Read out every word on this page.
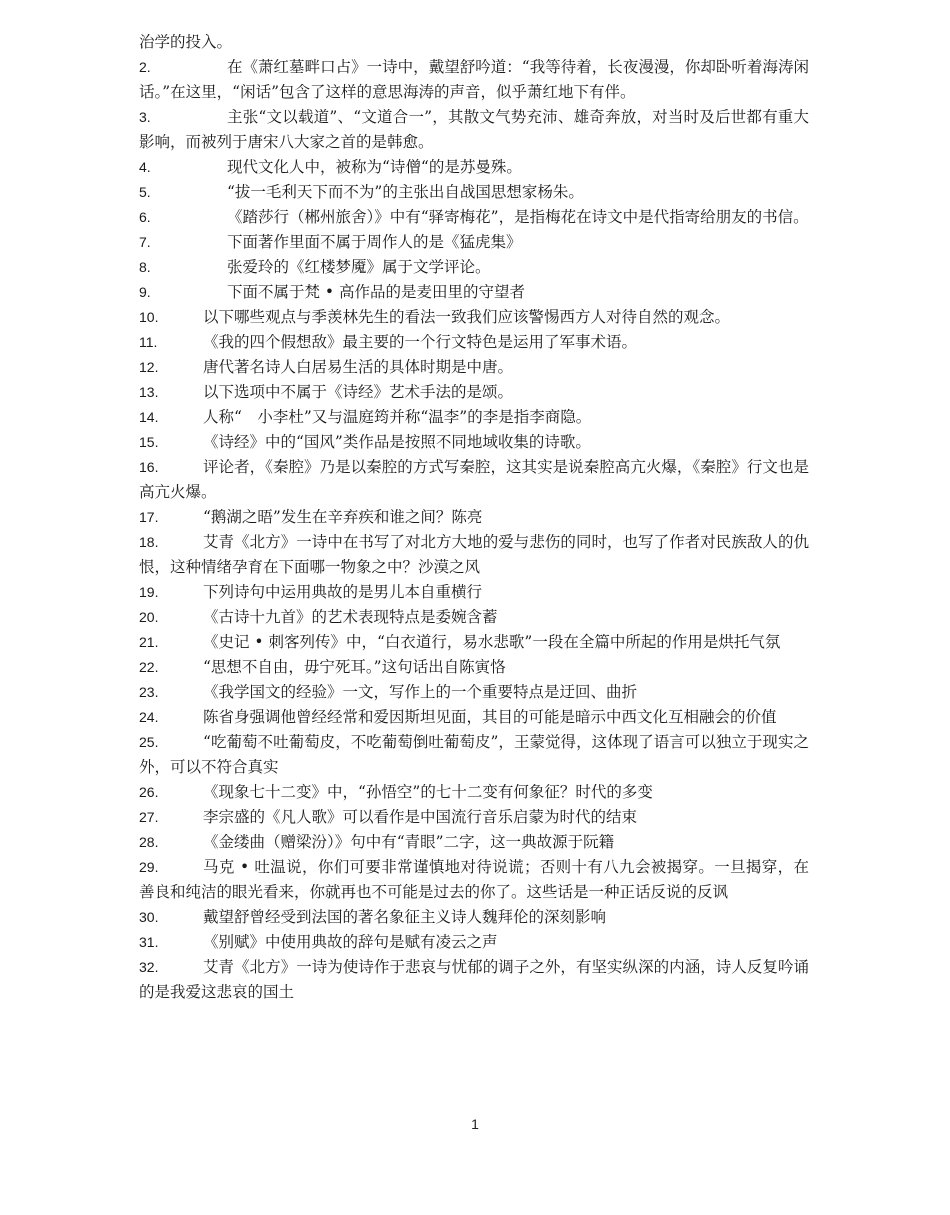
治学的投入。
2.	在《萧红墓畔口占》一诗中，戴望舒吟道：“我等待着，长夜漫漫，你却卧听着海涛闲话。”在这里，“闲话”包含了这样的意思海涛的声音，似乎萧红地下有伴。
3.	主张“文以载道”、“文道合一”，其散文气势充沛、雄奇奔放，对当时及后世都有重大影响，而被列于唐宋八大家之首的是韩愈。
4.	现代文化人中，被称为“诗僧“的是苏曼殊。
5.	“拔一毛利天下而不为”的主张出自战国思想家杨朱。
6.	《踏莎行（郴州旅舍）》中有“驿寄梅花”，是指梅花在诗文中是代指寄给朋友的书信。
7.	下面著作里面不属于周作人的是《猛虎集》
8.	张爱玲的《红楼梦魇》属于文学评论。
9.	下面不属于梵 • 高作品的是麦田里的守望者
10.	以下哪些观点与季羡林先生的看法一致我们应该警惕西方人对待自然的观念。
11.	《我的四个假想敌》最主要的一个行文特色是运用了军事术语。
12.	唐代著名诗人白居易生活的具体时期是中唐。
13.	以下选项中不属于《诗经》艺术手法的是颂。
14.	人称“　小李杜”又与温庭筠并称“温李”的李是指李商隐。
15.	《诗经》中的“国风”类作品是按照不同地域收集的诗歌。
16.	评论者，《秦腔》乃是以秦腔的方式写秦腔，这其实是说秦腔高亢火爆，《秦腔》行文也是高亢火爆。
17.	“鹅湖之晤”发生在辛弃疾和谁之间？陈亮
18.	艾青《北方》一诗中在书写了对北方大地的爱与悲伤的同时，也写了作者对民族敌人的仇恨，这种情绪孕育在下面哪一物象之中？沙漠之风
19.	下列诗句中运用典故的是男儿本自重横行
20.	《古诗十九首》的艺术表现特点是委婉含蓄
21.	《史记 • 刺客列传》中，“白衣道行，易水悲歌”一段在全篇中所起的作用是烘托气氛
22.	“思想不自由，毋宁死耳。”这句话出自陈寅恪
23.	《我学国文的经验》一文，写作上的一个重要特点是迂回、曲折
24.	陈省身强调他曾经经常和爱因斯坦见面，其目的可能是暗示中西文化互相融会的价值
25.	“吃葡萄不吐葡萄皮，不吃葡萄倒吐葡萄皮”，王蒙觉得，这体现了语言可以独立于现实之外，可以不符合真实
26.	《现象七十二变》中，“孙悟空”的七十二变有何象征？时代的多变
27.	李宗盛的《凡人歌》可以看作是中国流行音乐启蒙为时代的结束
28.	《金缕曲（赠梁汾）》句中有“青眼”二字，这一典故源于阮籍
29.	马克 • 吐温说，你们可要非常谨慎地对待说谎；否则十有八九会被揭穿。一旦揭穿，在善良和纯洁的眼光看来，你就再也不可能是过去的你了。这些话是一种正话反说的反讽
30.	戴望舒曾经受到法国的著名象征主义诗人魏拜伦的深刻影响
31.	《别赋》中使用典故的辞句是赋有凌云之声
32.	艾青《北方》一诗为使诗作于悲哀与忧郁的调子之外，有坚实纵深的内涵，诗人反复吟诵的是我爱这悲哀的国土
1
